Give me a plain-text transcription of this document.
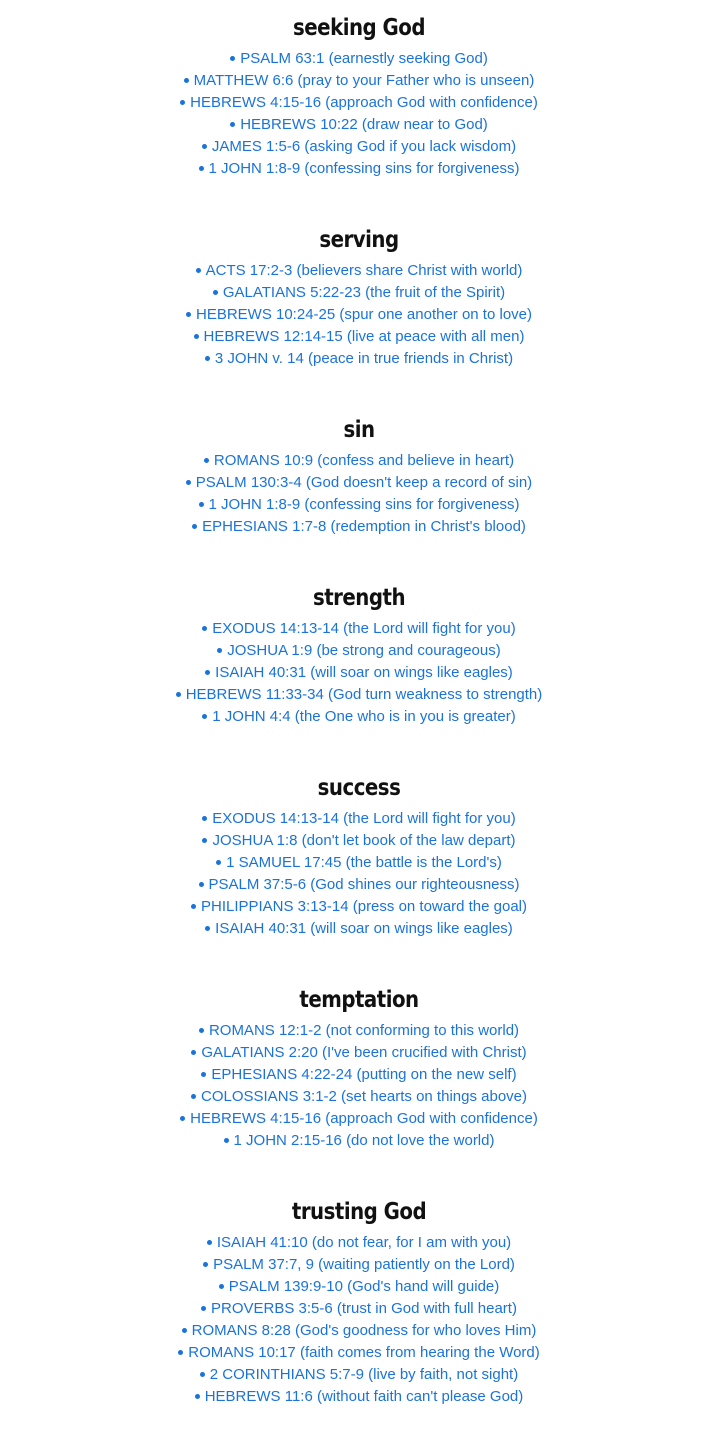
seeking God
PSALM 63:1 (earnestly seeking God)
MATTHEW 6:6 (pray to your Father who is unseen)
HEBREWS 4:15-16 (approach God with confidence)
HEBREWS 10:22 (draw near to God)
JAMES 1:5-6 (asking God if you lack wisdom)
1 JOHN 1:8-9 (confessing sins for forgiveness)
serving
ACTS 17:2-3 (believers share Christ with world)
GALATIANS 5:22-23 (the fruit of the Spirit)
HEBREWS 10:24-25 (spur one another on to love)
HEBREWS 12:14-15 (live at peace with all men)
3 JOHN v. 14 (peace in true friends in Christ)
sin
ROMANS 10:9 (confess and believe in heart)
PSALM 130:3-4 (God doesn't keep a record of sin)
1 JOHN 1:8-9 (confessing sins for forgiveness)
EPHESIANS 1:7-8 (redemption in Christ's blood)
strength
EXODUS 14:13-14 (the Lord will fight for you)
JOSHUA 1:9 (be strong and courageous)
ISAIAH 40:31 (will soar on wings like eagles)
HEBREWS 11:33-34 (God turn weakness to strength)
1 JOHN 4:4 (the One who is in you is greater)
success
EXODUS 14:13-14 (the Lord will fight for you)
JOSHUA 1:8 (don't let book of the law depart)
1 SAMUEL 17:45 (the battle is the Lord's)
PSALM 37:5-6 (God shines our righteousness)
PHILIPPIANS 3:13-14 (press on toward the goal)
ISAIAH 40:31 (will soar on wings like eagles)
temptation
ROMANS 12:1-2 (not conforming to this world)
GALATIANS 2:20 (I've been crucified with Christ)
EPHESIANS 4:22-24 (putting on the new self)
COLOSSIANS 3:1-2 (set hearts on things above)
HEBREWS 4:15-16 (approach God with confidence)
1 JOHN 2:15-16 (do not love the world)
trusting God
ISAIAH 41:10 (do not fear, for I am with you)
PSALM 37:7, 9 (waiting patiently on the Lord)
PSALM 139:9-10 (God's hand will guide)
PROVERBS 3:5-6 (trust in God with full heart)
ROMANS 8:28 (God's goodness for who loves Him)
ROMANS 10:17 (faith comes from hearing the Word)
2 CORINTHIANS 5:7-9 (live by faith, not sight)
HEBREWS 11:6 (without faith can't please God)
